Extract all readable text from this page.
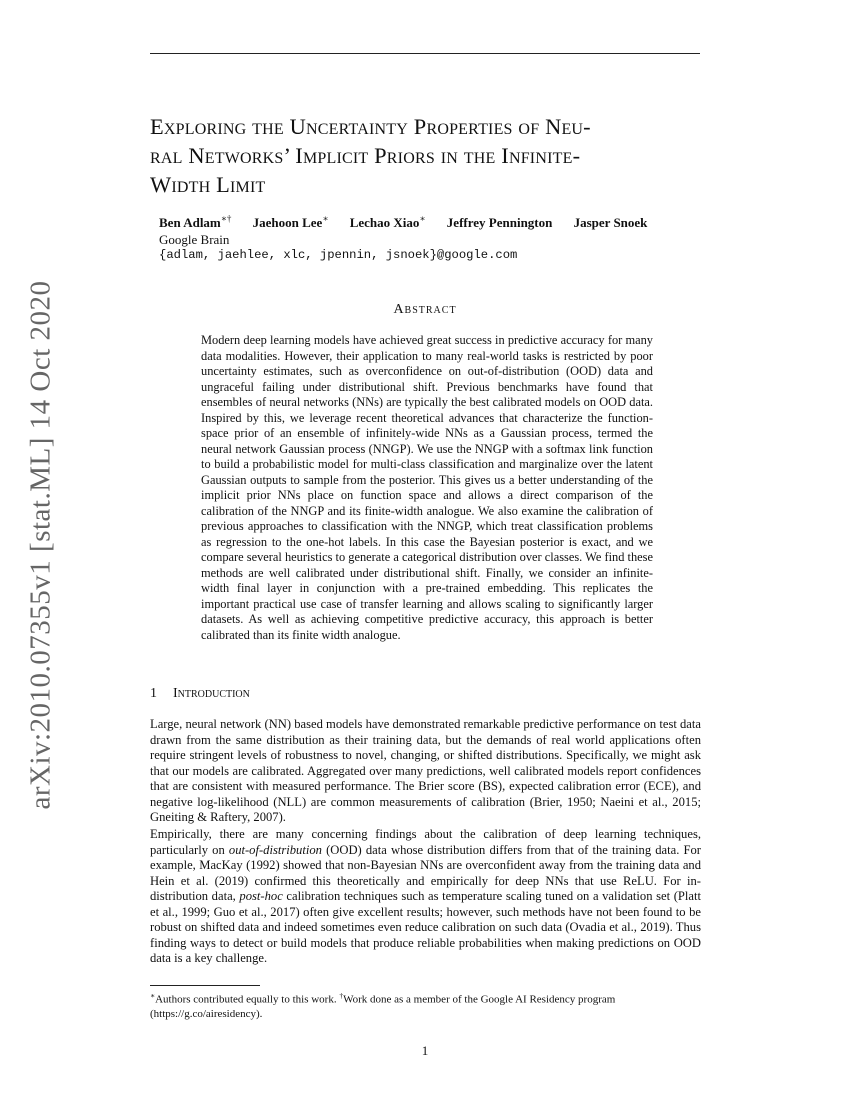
Exploring the Uncertainty Properties of Neu-
ral Networks’ Implicit Priors in the Infinite-
Width Limit
Ben Adlam∗† Jaehoon Lee∗ Lechao Xiao∗ Jeffrey Pennington Jasper Snoek
Google Brain
{adlam, jaehlee, xlc, jpennin, jsnoek}@google.com
Abstract

Modern deep learning models have achieved great success in predictive accuracy for many data modalities. However, their application to many real-world tasks is restricted by poor uncertainty estimates, such as overconfidence on out-of-distribution (OOD) data and ungraceful failing under distributional shift. Previous benchmarks have found that ensembles of neural networks (NNs) are typically the best calibrated models on OOD data. Inspired by this, we leverage recent theoretical advances that characterize the function-space prior of an ensemble of infinitely-wide NNs as a Gaussian process, termed the neural network Gaussian process (NNGP). We use the NNGP with a softmax link function to build a probabilistic model for multi-class classification and marginalize over the latent Gaussian outputs to sample from the posterior. This gives us a better understanding of the implicit prior NNs place on function space and allows a direct comparison of the calibration of the NNGP and its finite-width analogue. We also examine the calibration of previous approaches to classification with the NNGP, which treat classification problems as regression to the one-hot labels. In this case the Bayesian posterior is exact, and we compare several heuristics to generate a categorical distribution over classes. We find these methods are well calibrated under distributional shift. Finally, we consider an infinite-width final layer in conjunction with a pre-trained embedding. This replicates the important practical use case of transfer learning and allows scaling to significantly larger datasets. As well as achieving competitive predictive accuracy, this approach is better calibrated than its finite width analogue.

1 Introduction

Large, neural network (NN) based models have demonstrated remarkable predictive performance on test data drawn from the same distribution as their training data, but the demands of real world applications often require stringent levels of robustness to novel, changing, or shifted distributions. Specifically, we might ask that our models are calibrated. Aggregated over many predictions, well calibrated models report confidences that are consistent with measured performance. The Brier score (BS), expected calibration error (ECE), and negative log-likelihood (NLL) are common measurements of calibration (Brier, 1950; Naeini et al., 2015; Gneiting & Raftery, 2007).

Empirically, there are many concerning findings about the calibration of deep learning techniques, particularly on out-of-distribution (OOD) data whose distribution differs from that of the training data. For example, MacKay (1992) showed that non-Bayesian NNs are overconfident away from the training data and Hein et al. (2019) confirmed this theoretically and empirically for deep NNs that use ReLU. For in-distribution data, post-hoc calibration techniques such as temperature scaling tuned on a validation set (Platt et al., 1999; Guo et al., 2017) often give excellent results; however, such methods have not been found to be robust on shifted data and indeed sometimes even reduce calibration on such data (Ovadia et al., 2019). Thus finding ways to detect or build models that produce reliable probabilities when making predictions on OOD data is a key challenge.

∗Authors contributed equally to this work. †Work done as a member of the Google AI Residency program (https://g.co/airesidency).

1
arXiv:2010.07355v1 [stat.ML] 14 Oct 2020
